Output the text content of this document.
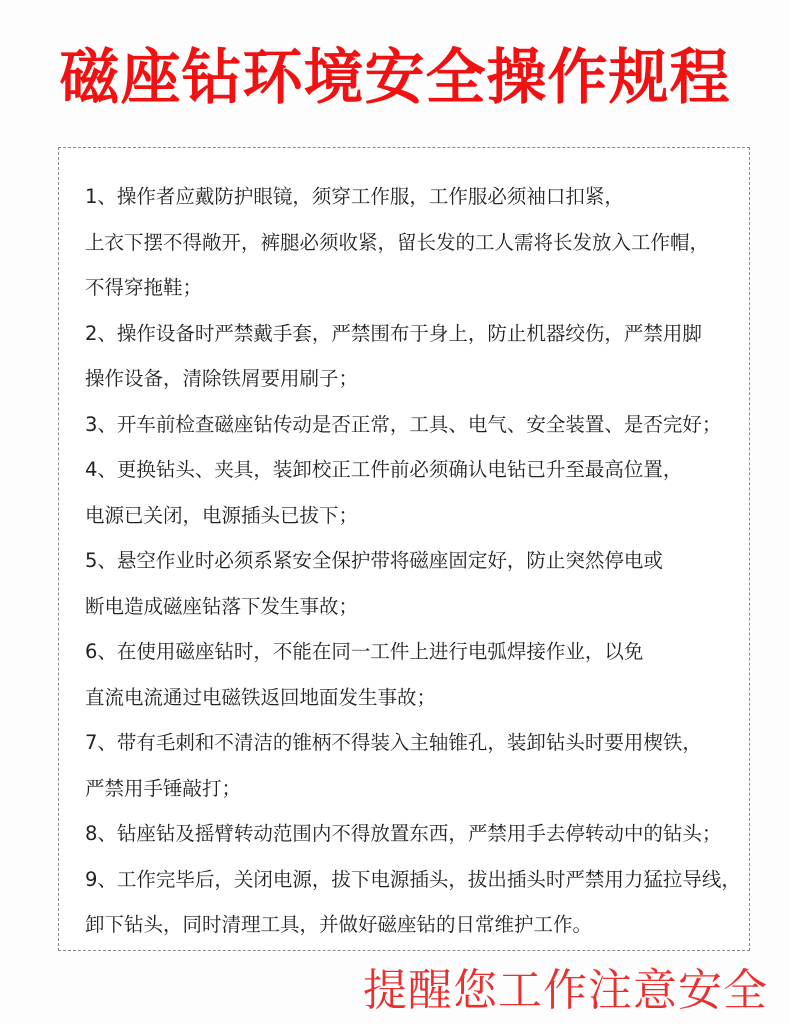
磁座钻环境安全操作规程
1、操作者应戴防护眼镜，须穿工作服，工作服必须袖口扣紧，
上衣下摆不得敞开，裤腿必须收紧，留长发的工人需将长发放入工作帽，
不得穿拖鞋；
2、操作设备时严禁戴手套，严禁围布于身上，防止机器绞伤，严禁用脚
操作设备，清除铁屑要用刷子；
3、开车前检查磁座钻传动是否正常，工具、电气、安全装置、是否完好；
4、更换钻头、夹具，装卸校正工件前必须确认电钻已升至最高位置，
电源已关闭，电源插头已拔下；
5、悬空作业时必须系紧安全保护带将磁座固定好，防止突然停电或
断电造成磁座钻落下发生事故；
6、在使用磁座钻时，不能在同一工件上进行电弧焊接作业，以免
直流电流通过电磁铁返回地面发生事故；
7、带有毛刺和不清洁的锥柄不得装入主轴锥孔，装卸钻头时要用楔铁，
严禁用手锤敲打；
8、钻座钻及摇臂转动范围内不得放置东西，严禁用手去停转动中的钻头；
9、工作完毕后，关闭电源，拔下电源插头，拔出插头时严禁用力猛拉导线，
卸下钻头，同时清理工具，并做好磁座钻的日常维护工作。
提醒您工作注意安全
